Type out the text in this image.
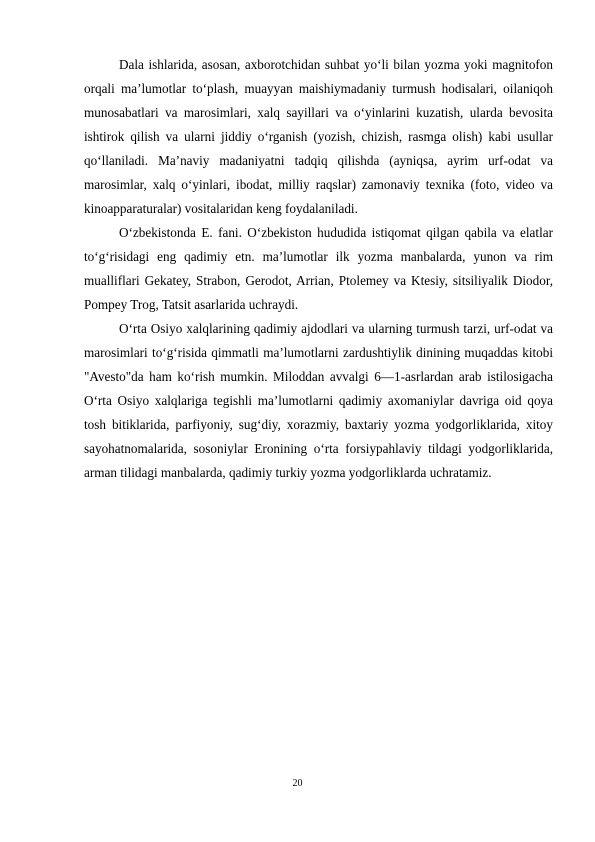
Dala ishlarida, asosan, axborotchidan suhbat yo‘li bilan yozma yoki magnitofon orqali ma’lumotlar to‘plash, muayyan maishiymadaniy turmush hodisalari, oilaniqoh munosabatlari va marosimlari, xalq sayillari va o‘yinlarini kuzatish, ularda bevosita ishtirok qilish va ularni jiddiy o‘rganish (yozish, chizish, rasmga olish) kabi usullar qo‘llaniladi. Ma’naviy madaniyatni tadqiq qilishda (ayniqsa, ayrim urf-odat va marosimlar, xalq o‘yinlari, ibodat, milliy raqslar) zamonaviy texnika (foto, video va kinoapparaturalar) vositalaridan keng foydalaniladi.

O‘zbekistonda E. fani. O‘zbekiston hududida istiqomat qilgan qabila va elatlar to‘g‘risidagi eng qadimiy etn. ma’lumotlar ilk yozma manbalarda, yunon va rim mualliflari Gekatey, Strabon, Gerodot, Arrian, Ptolemey va Ktesiy, sitsiliyalik Diodor, Pompey Trog, Tatsit asarlarida uchraydi.

O‘rta Osiyo xalqlarining qadimiy ajdodlari va ularning turmush tarzi, urf-odat va marosimlari to‘g‘risida qimmatli ma’lumotlarni zardushtiylik dinining muqaddas kitobi "Avesto"da ham ko‘rish mumkin. Miloddan avvalgi 6—1-asrlardan arab istilosigacha O‘rta Osiyo xalqlariga tegishli ma’lumotlarni qadimiy axomaniylar davriga oid qoya tosh bitiklarida, parfiyoniy, sug‘diy, xorazmiy, baxtariy yozma yodgorliklarida, xitoy sayohatnomalarida, sosoniylar Eronining o‘rta forsiypahlaviy tildagi yodgorliklarida, arman tilidagi manbalarda, qadimiy turkiy yozma yodgorliklarda uchratamiz.

20
